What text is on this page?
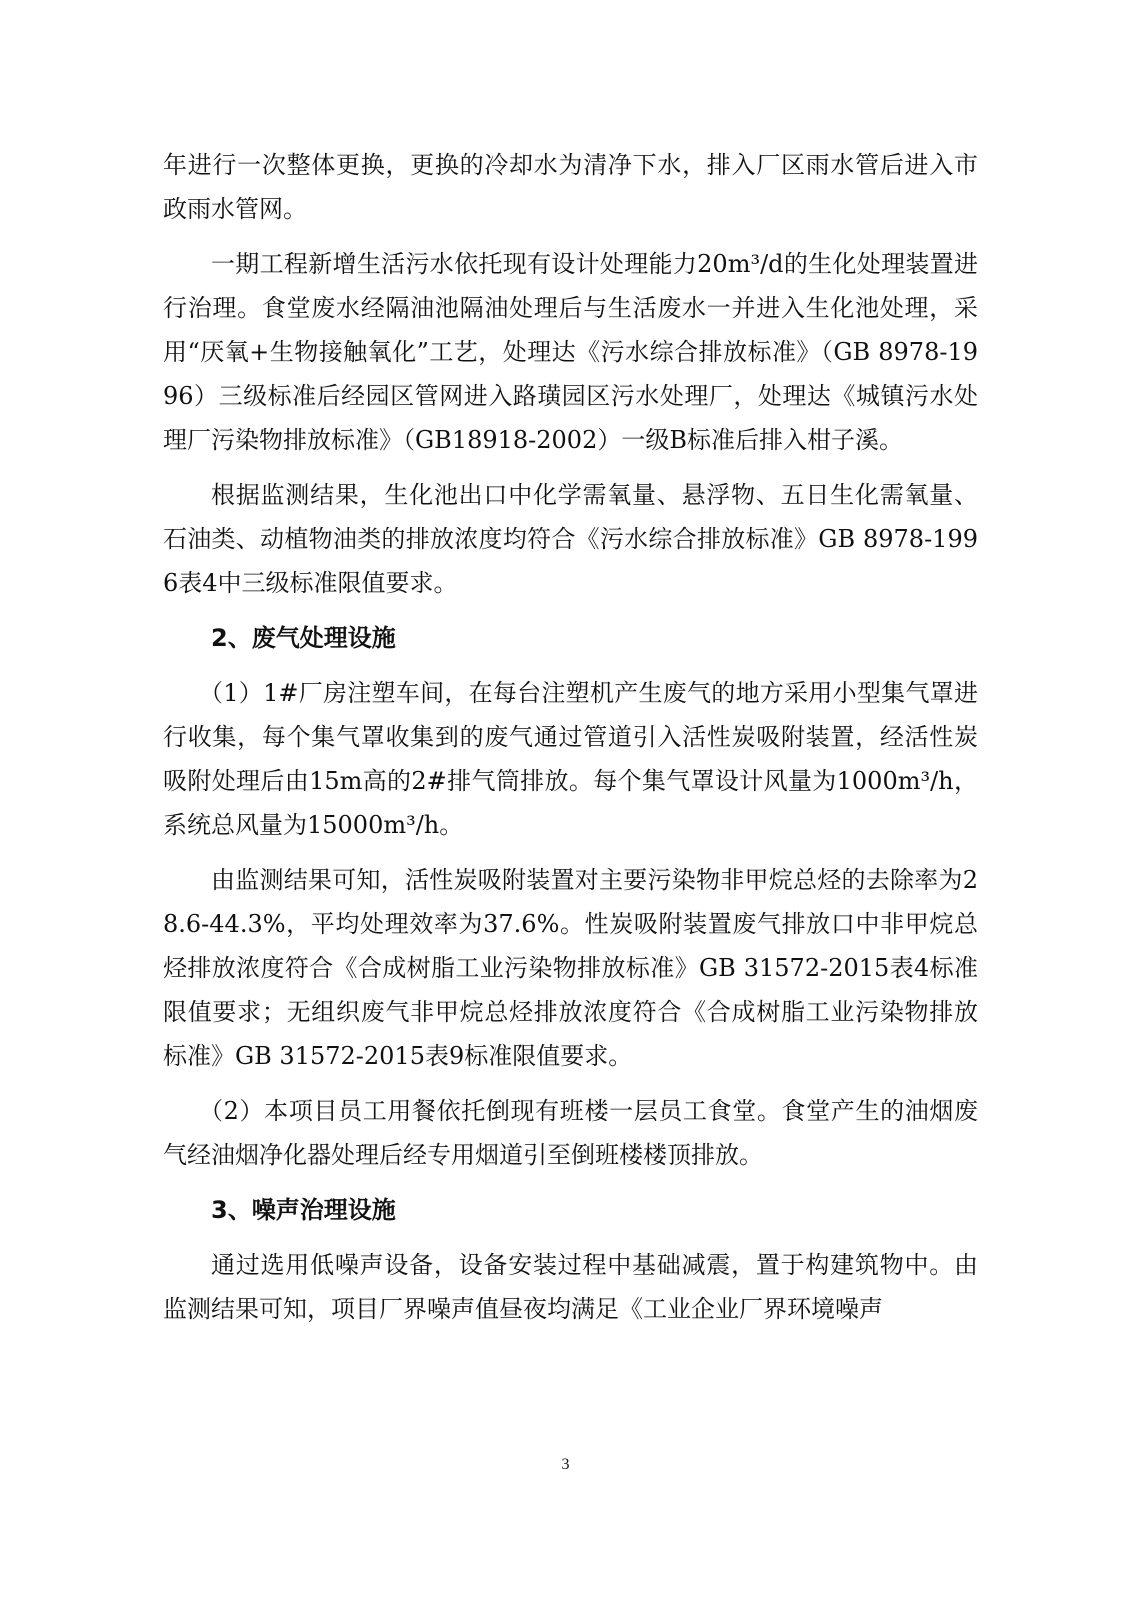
年进行一次整体更换，更换的冷却水为清净下水，排入厂区雨水管后进入市政雨水管网。

一期工程新增生活污水依托现有设计处理能力20m³/d的生化处理装置进行治理。食堂废水经隔油池隔油处理后与生活废水一并进入生化池处理，采用“厌氧+生物接触氧化”工艺，处理达《污水综合排放标准》（GB 8978-1996）三级标准后经园区管网进入路璜园区污水处理厂，处理达《城镇污水处理厂污染物排放标准》（GB18918-2002）一级B标准后排入柑子溪。

根据监测结果，生化池出口中化学需氧量、悬浮物、五日生化需氧量、石油类、动植物油类的排放浓度均符合《污水综合排放标准》GB 8978-1996表4中三级标准限值要求。

2、废气处理设施

（1）1#厂房注塑车间，在每台注塑机产生废气的地方采用小型集气罩进行收集，每个集气罩收集到的废气通过管道引入活性炭吸附装置，经活性炭吸附处理后由15m高的2#排气筒排放。每个集气罩设计风量为1000m³/h，系统总风量为15000m³/h。

由监测结果可知，活性炭吸附装置对主要污染物非甲烷总烃的去除率为28.6-44.3%，平均处理效率为37.6%。性炭吸附装置废气排放口中非甲烷总烃排放浓度符合《合成树脂工业污染物排放标准》GB 31572-2015表4标准限值要求；无组织废气非甲烷总烃排放浓度符合《合成树脂工业污染物排放标准》GB 31572-2015表9标准限值要求。

（2）本项目员工用餐依托倒现有班楼一层员工食堂。食堂产生的油烟废气经油烟净化器处理后经专用烟道引至倒班楼楼顶排放。

3、噪声治理设施

通过选用低噪声设备，设备安装过程中基础减震，置于构建筑物中。由监测结果可知，项目厂界噪声值昼夜均满足《工业企业厂界环境噪声

3
